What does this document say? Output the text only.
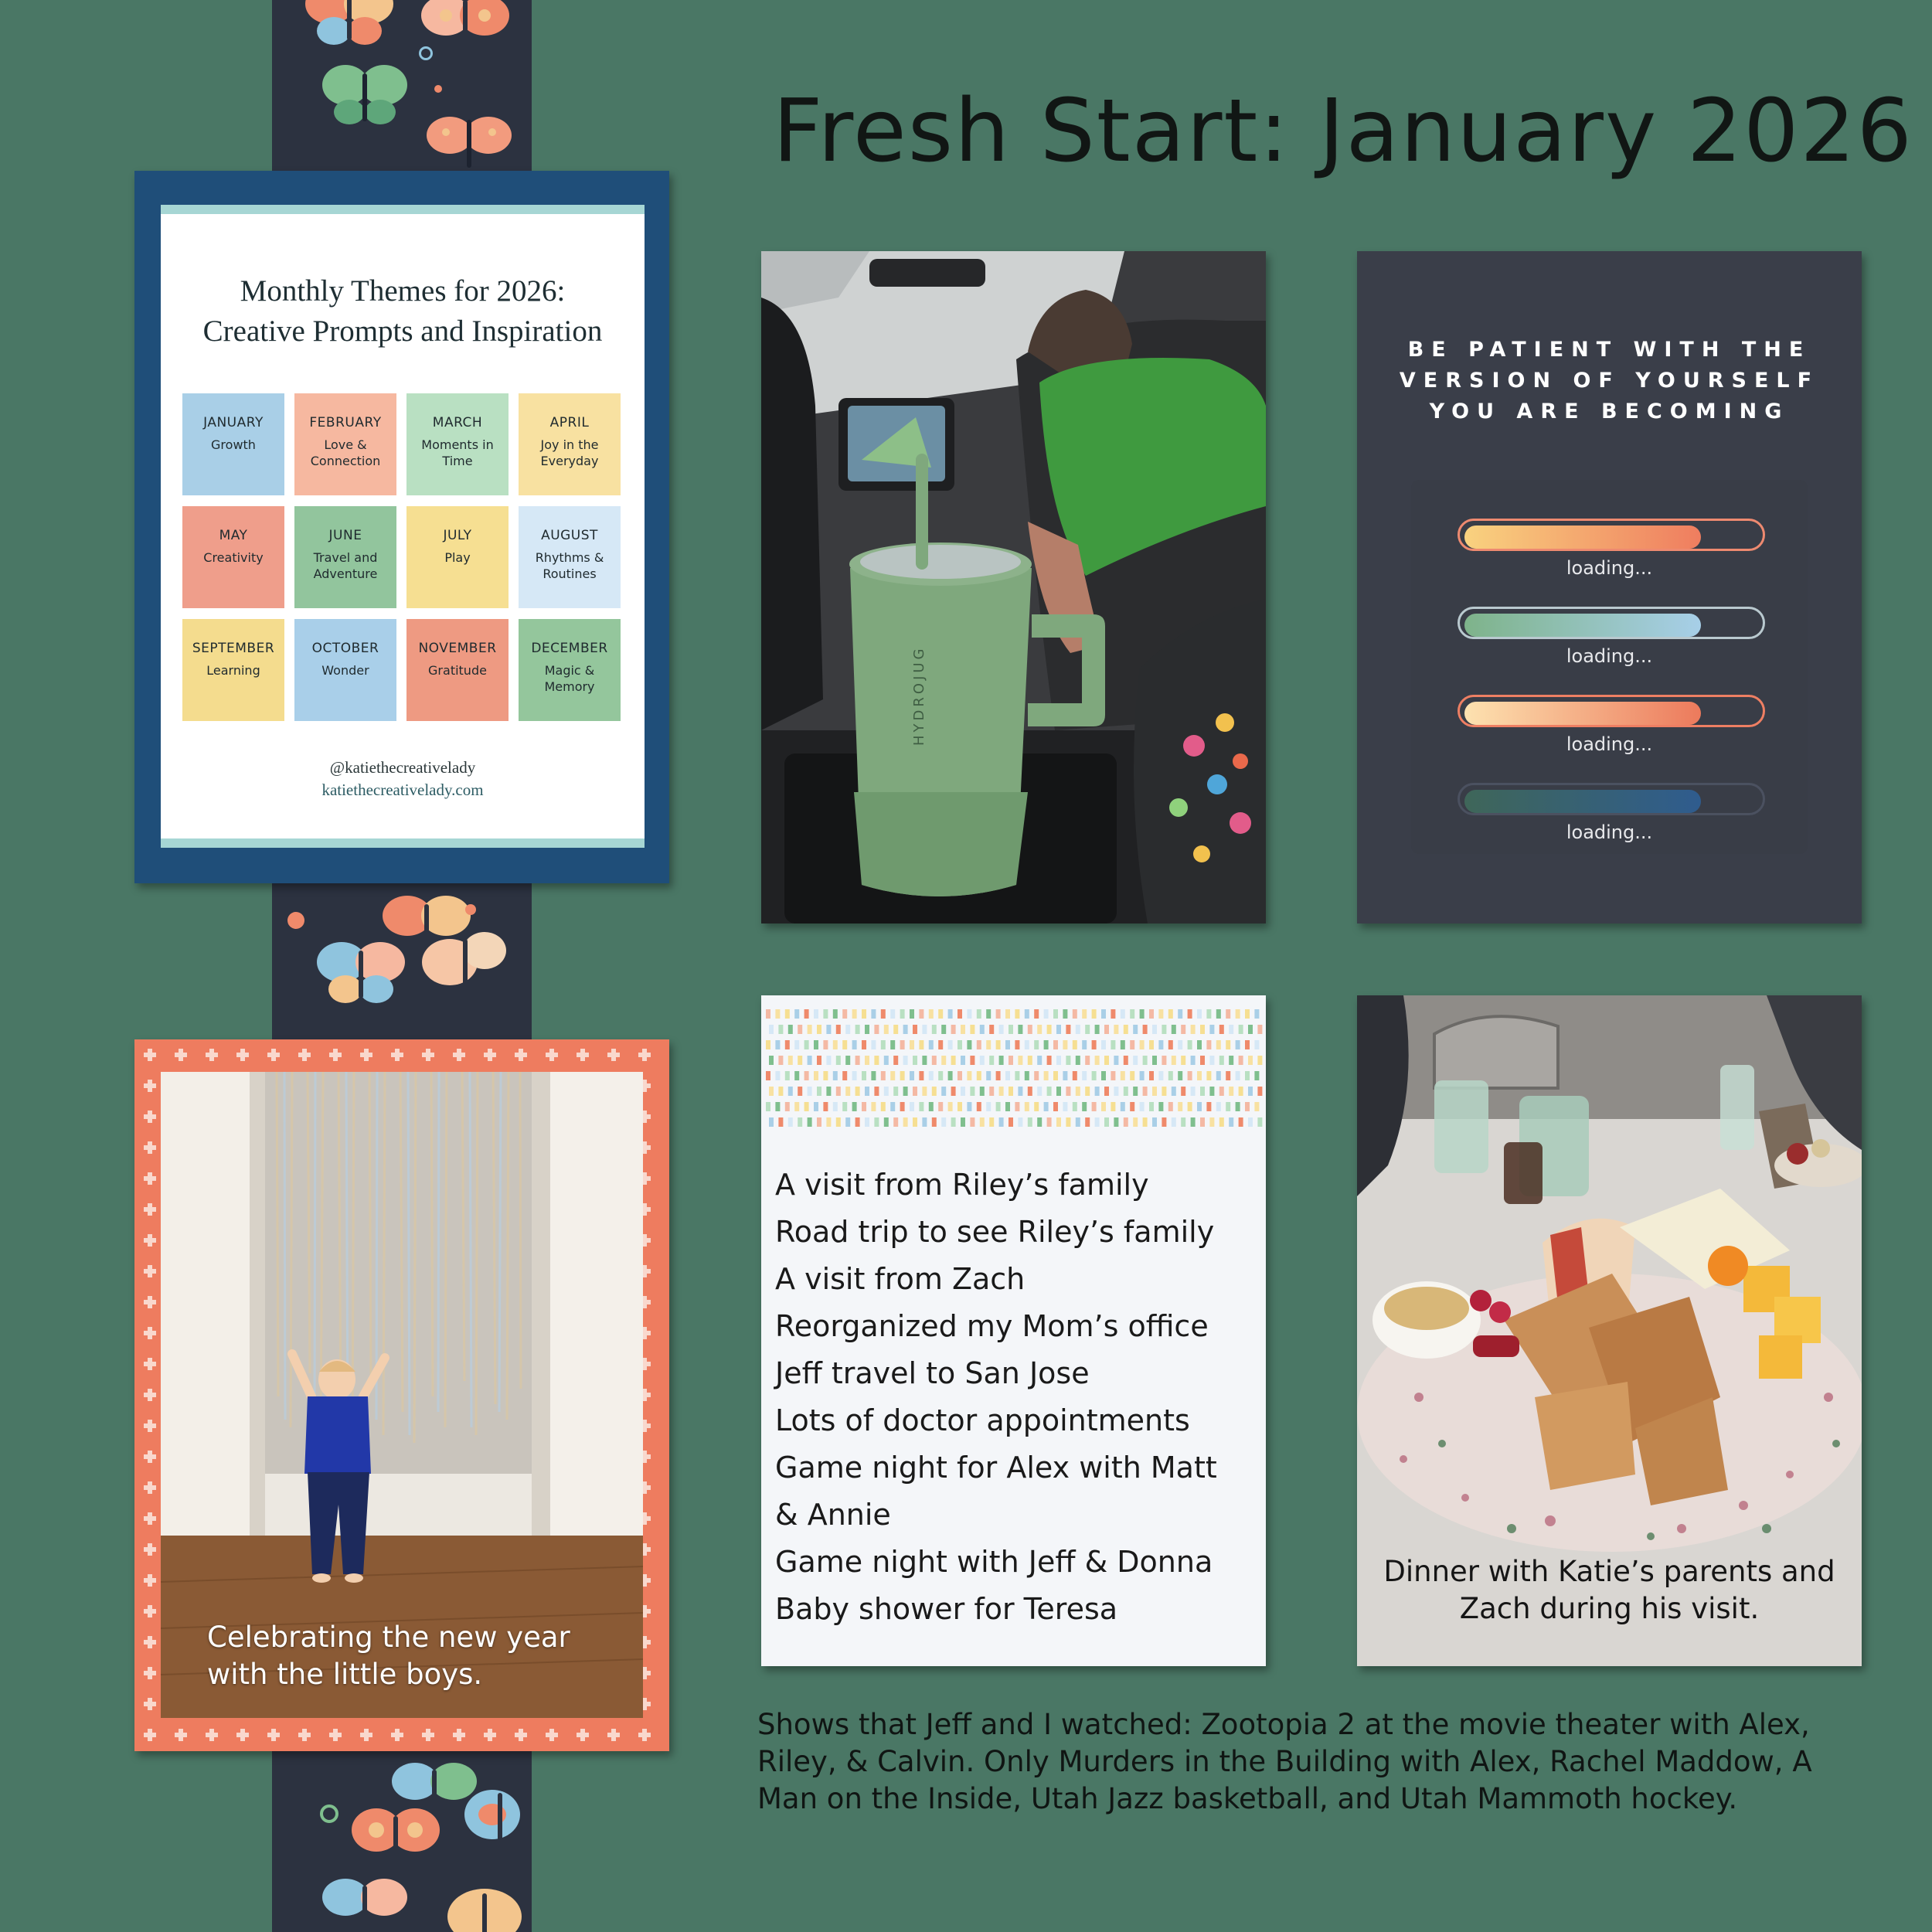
Fresh Start: January 2026
Monthly Themes for 2026:
Creative Prompts and Inspiration
JANUARY
Growth
FEBRUARY
Love & Connection
MARCH
Moments in Time
APRIL
Joy in the Everyday
MAY
Creativity
JUNE
Travel and Adventure
JULY
Play
AUGUST
Rhythms & Routines
SEPTEMBER
Learning
OCTOBER
Wonder
NOVEMBER
Gratitude
DECEMBER
Magic & Memory
@katiethecreativelady
katiethecreativelady.com
HYDROJUG
BE PATIENT WITH THE
VERSION OF YOURSELF
YOU ARE BECOMING
loading...
loading...
loading...
loading...
Celebrating the new year with the little boys.
A visit from Riley’s family
Road trip to see Riley’s family
A visit from Zach
Reorganized my Mom’s office
Jeff travel to San Jose
Lots of doctor appointments
Game night for Alex with Matt
& Annie
Game night with Jeff & Donna
Baby shower for Teresa
Dinner with Katie’s parents and Zach during his visit.
Shows that Jeff and I watched: Zootopia 2 at the movie theater with Alex, Riley, & Calvin. Only Murders in the Building with Alex, Rachel Maddow, A Man on the Inside, Utah Jazz basketball, and Utah Mammoth hockey.
